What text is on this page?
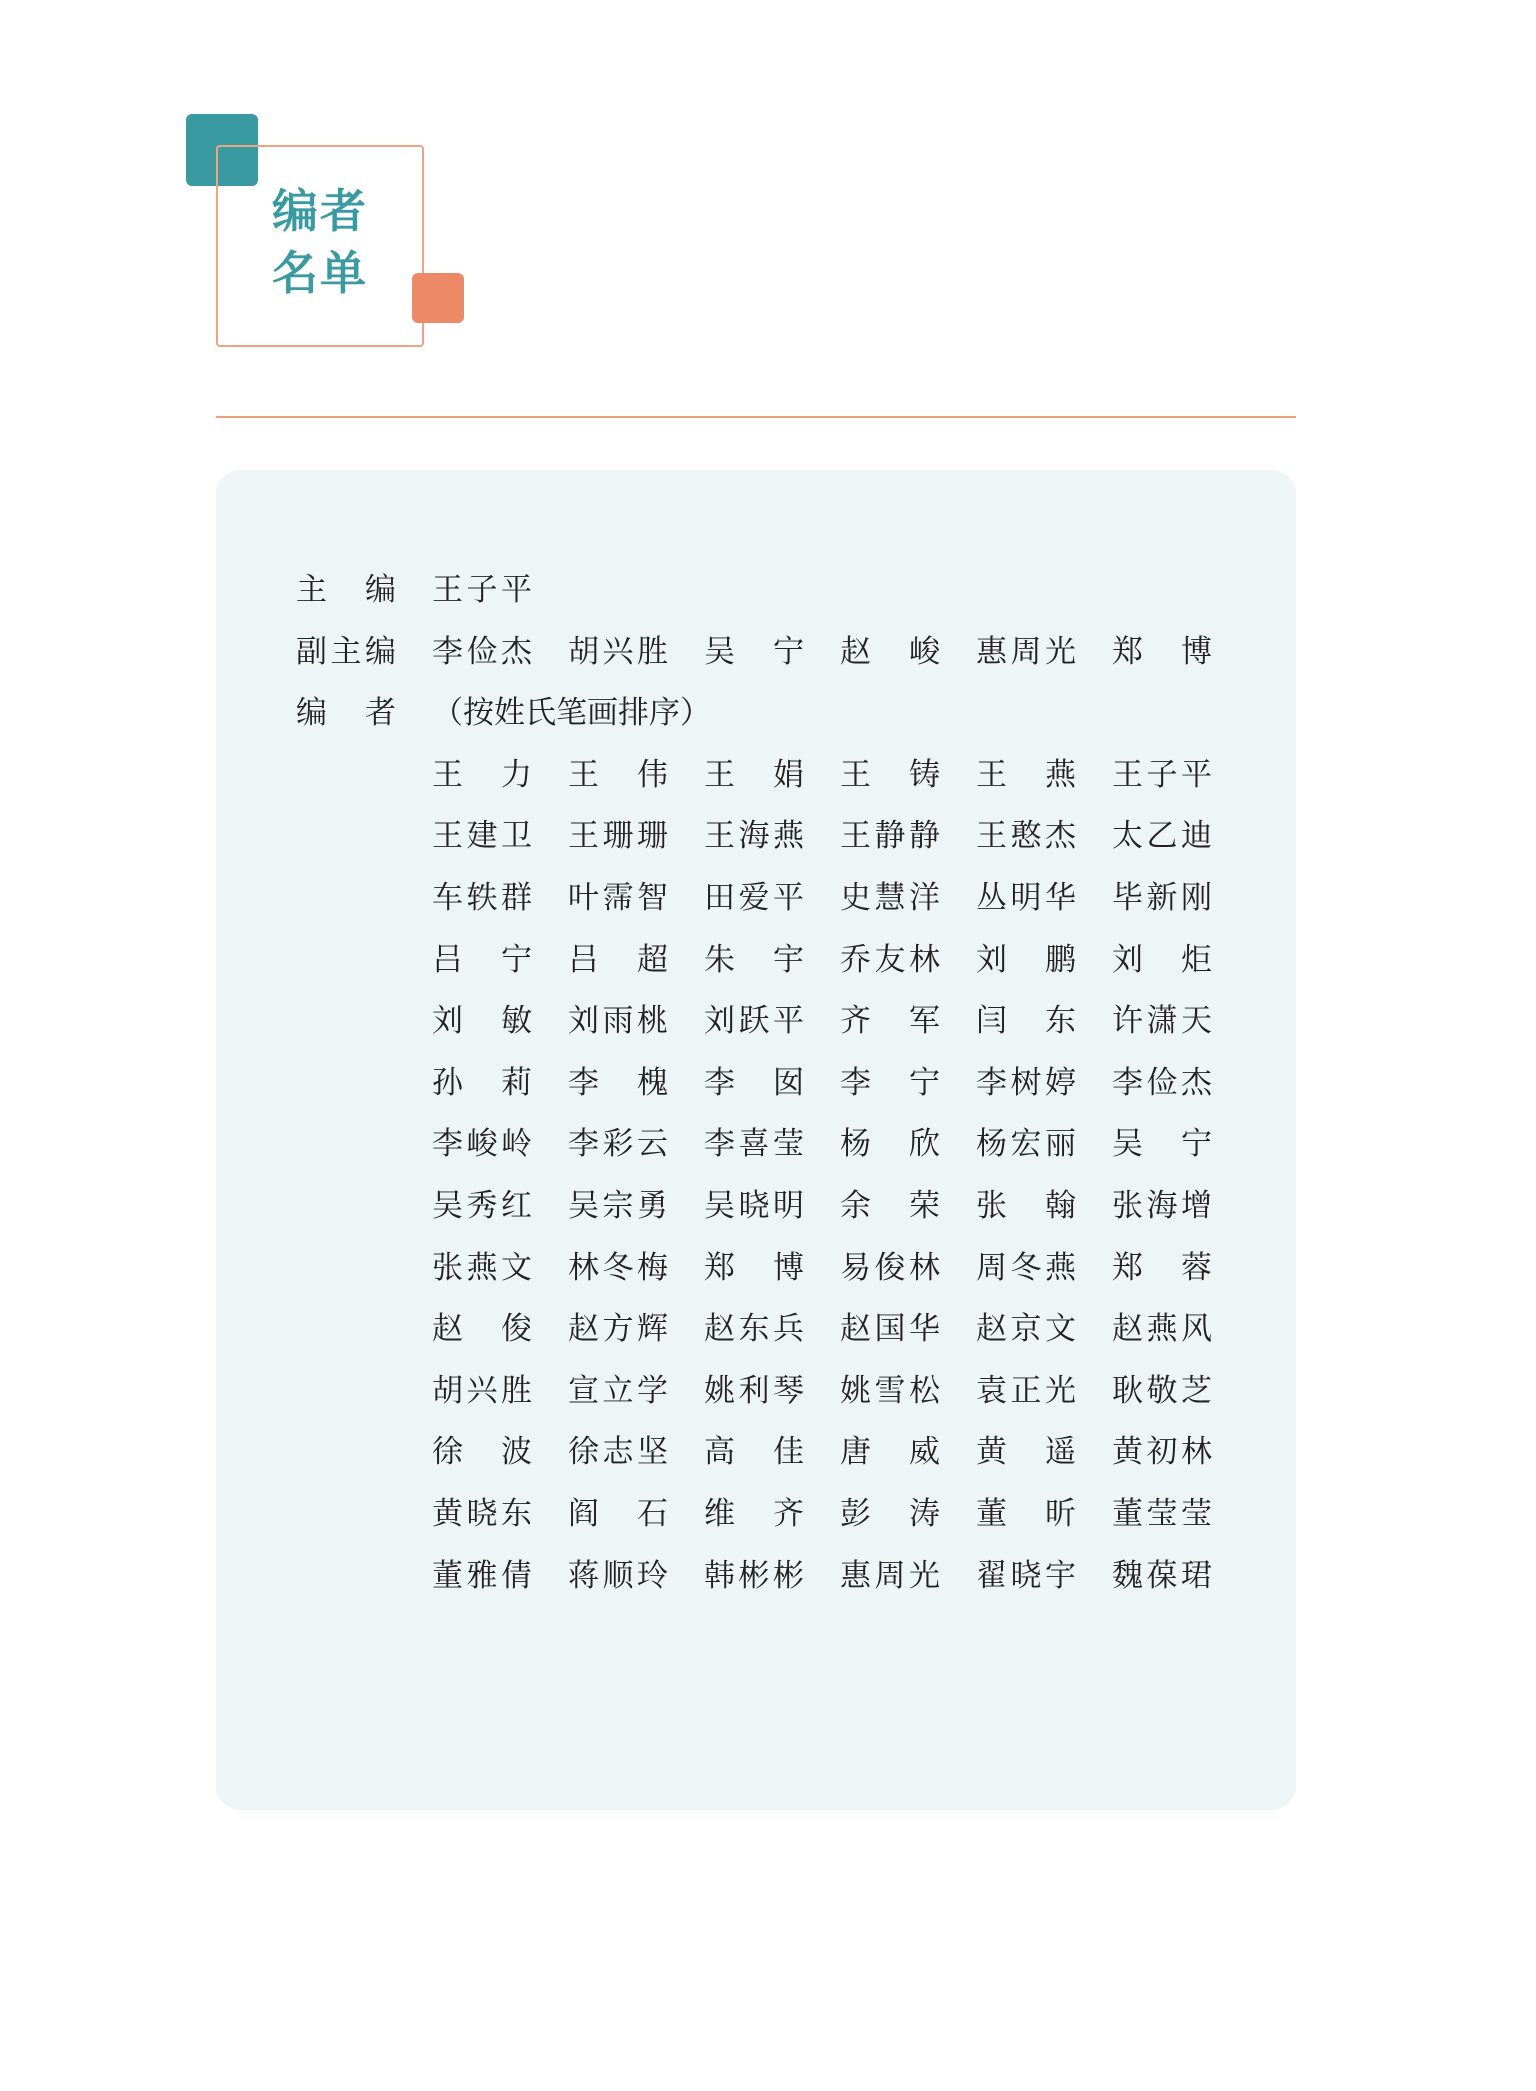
编者
名单
主 编 王 子 平
副 主 编 李 俭 杰 胡 兴 胜 吴 宁 赵 峻 惠 周 光 郑 博
编 者 （按姓氏笔画排序）
王 力 王 伟 王 娟 王 铸 王 燕 王 子 平
王 建 卫 王 珊 珊 王 海 燕 王 静 静 王 憨 杰 太 乙 迪
车 轶 群 叶 霈 智 田 爱 平 史 慧 洋 丛 明 华 毕 新 刚
吕 宁 吕 超 朱 宇 乔 友 林 刘 鹏 刘 炬
刘 敏 刘 雨 桃 刘 跃 平 齐 军 闫 东 许 潇 天
孙 莉 李 槐 李 囡 李 宁 李 树 婷 李 俭 杰
李 峻 岭 李 彩 云 李 喜 莹 杨 欣 杨 宏 丽 吴 宁
吴 秀 红 吴 宗 勇 吴 晓 明 余 荣 张 翰 张 海 增
张 燕 文 林 冬 梅 郑 博 易 俊 林 周 冬 燕 郑 蓉
赵 俊 赵 方 辉 赵 东 兵 赵 国 华 赵 京 文 赵 燕 风
胡 兴 胜 宣 立 学 姚 利 琴 姚 雪 松 袁 正 光 耿 敬 芝
徐 波 徐 志 坚 高 佳 唐 威 黄 遥 黄 初 林
黄 晓 东 阎 石 维 齐 彭 涛 董 昕 董 莹 莹
董 雅 倩 蒋 顺 玲 韩 彬 彬 惠 周 光 翟 晓 宇 魏 葆 珺
